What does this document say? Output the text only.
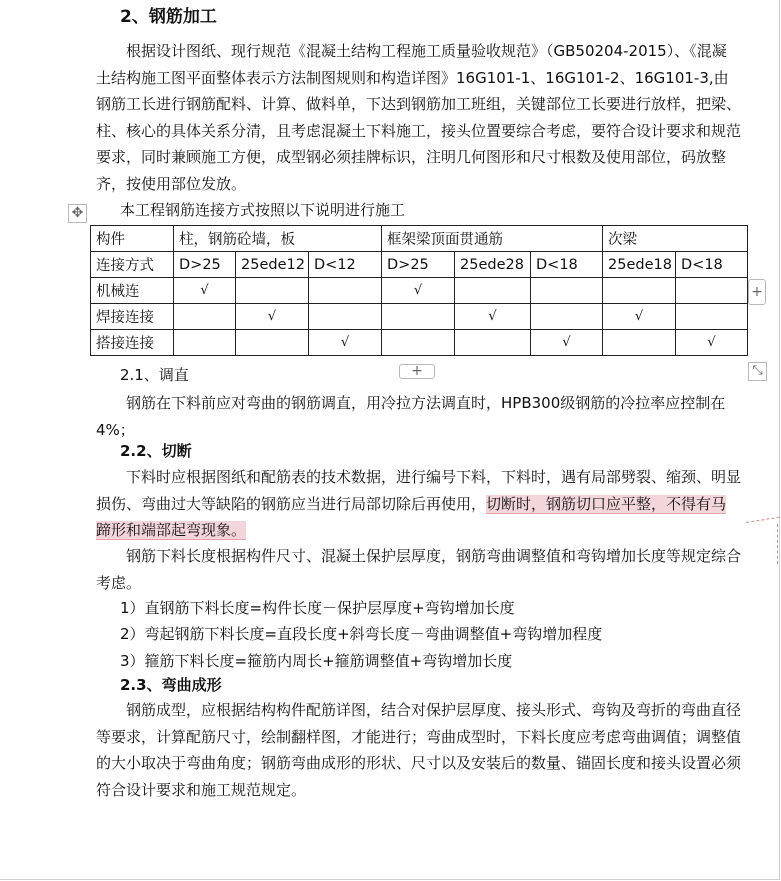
2、钢筋加工

根据设计图纸、现行规范《混凝土结构工程施工质量验收规范》（GB50204-2015）、《混凝土结构施工图平面整体表示方法制图规则和构造详图》16G101-1、16G101-2、16G101-3,由钢筋工长进行钢筋配料、计算、做料单，下达到钢筋加工班组，关键部位工长要进行放样，把梁、柱、核心的具体关系分清，且考虑混凝土下料施工，接头位置要综合考虑，要符合设计要求和规范要求，同时兼顾施工方便，成型钢必须挂牌标识，注明几何图形和尺寸根数及使用部位，码放整齐，按使用部位发放。

✥ 本工程钢筋连接方式按照以下说明进行施工

构件	柱，钢筋砼墙，板			框架梁顶面贯通筋			次梁	
连接方式	D>25	25ede12	D<12	D>25	25ede28	D<18	25ede18	D<18
机械连	√			√				
焊接连接		√			√		√	
搭接连接			√			√		√
+
+	⤡

2.1、调直

钢筋在下料前应对弯曲的钢筋调直，用冷拉方法调直时，HPB300级钢筋的冷拉率应控制在 4%；

2.2、切断

下料时应根据图纸和配筋表的技术数据，进行编号下料，下料时，遇有局部劈裂、缩颈、明显损伤、弯曲过大等缺陷的钢筋应当进行局部切除后再使用，切断时，钢筋切口应平整，不得有马蹄形和端部起弯现象。

钢筋下料长度根据构件尺寸、混凝土保护层厚度，钢筋弯曲调整值和弯钩增加长度等规定综合考虑。

1）直钢筋下料长度=构件长度－保护层厚度+弯钩增加长度

2）弯起钢筋下料长度=直段长度+斜弯长度－弯曲调整值+弯钩增加程度

3）箍筋下料长度=箍筋内周长+箍筋调整值+弯钩增加长度

2.3、弯曲成形

钢筋成型，应根据结构构件配筋详图，结合对保护层厚度、接头形式、弯钩及弯折的弯曲直径等要求，计算配筋尺寸，绘制翻样图，才能进行；弯曲成型时，下料长度应考虑弯曲调值；调整值的大小取决于弯曲角度；钢筋弯曲成形的形状、尺寸以及安装后的数量、锚固长度和接头设置必须符合设计要求和施工规范规定。
